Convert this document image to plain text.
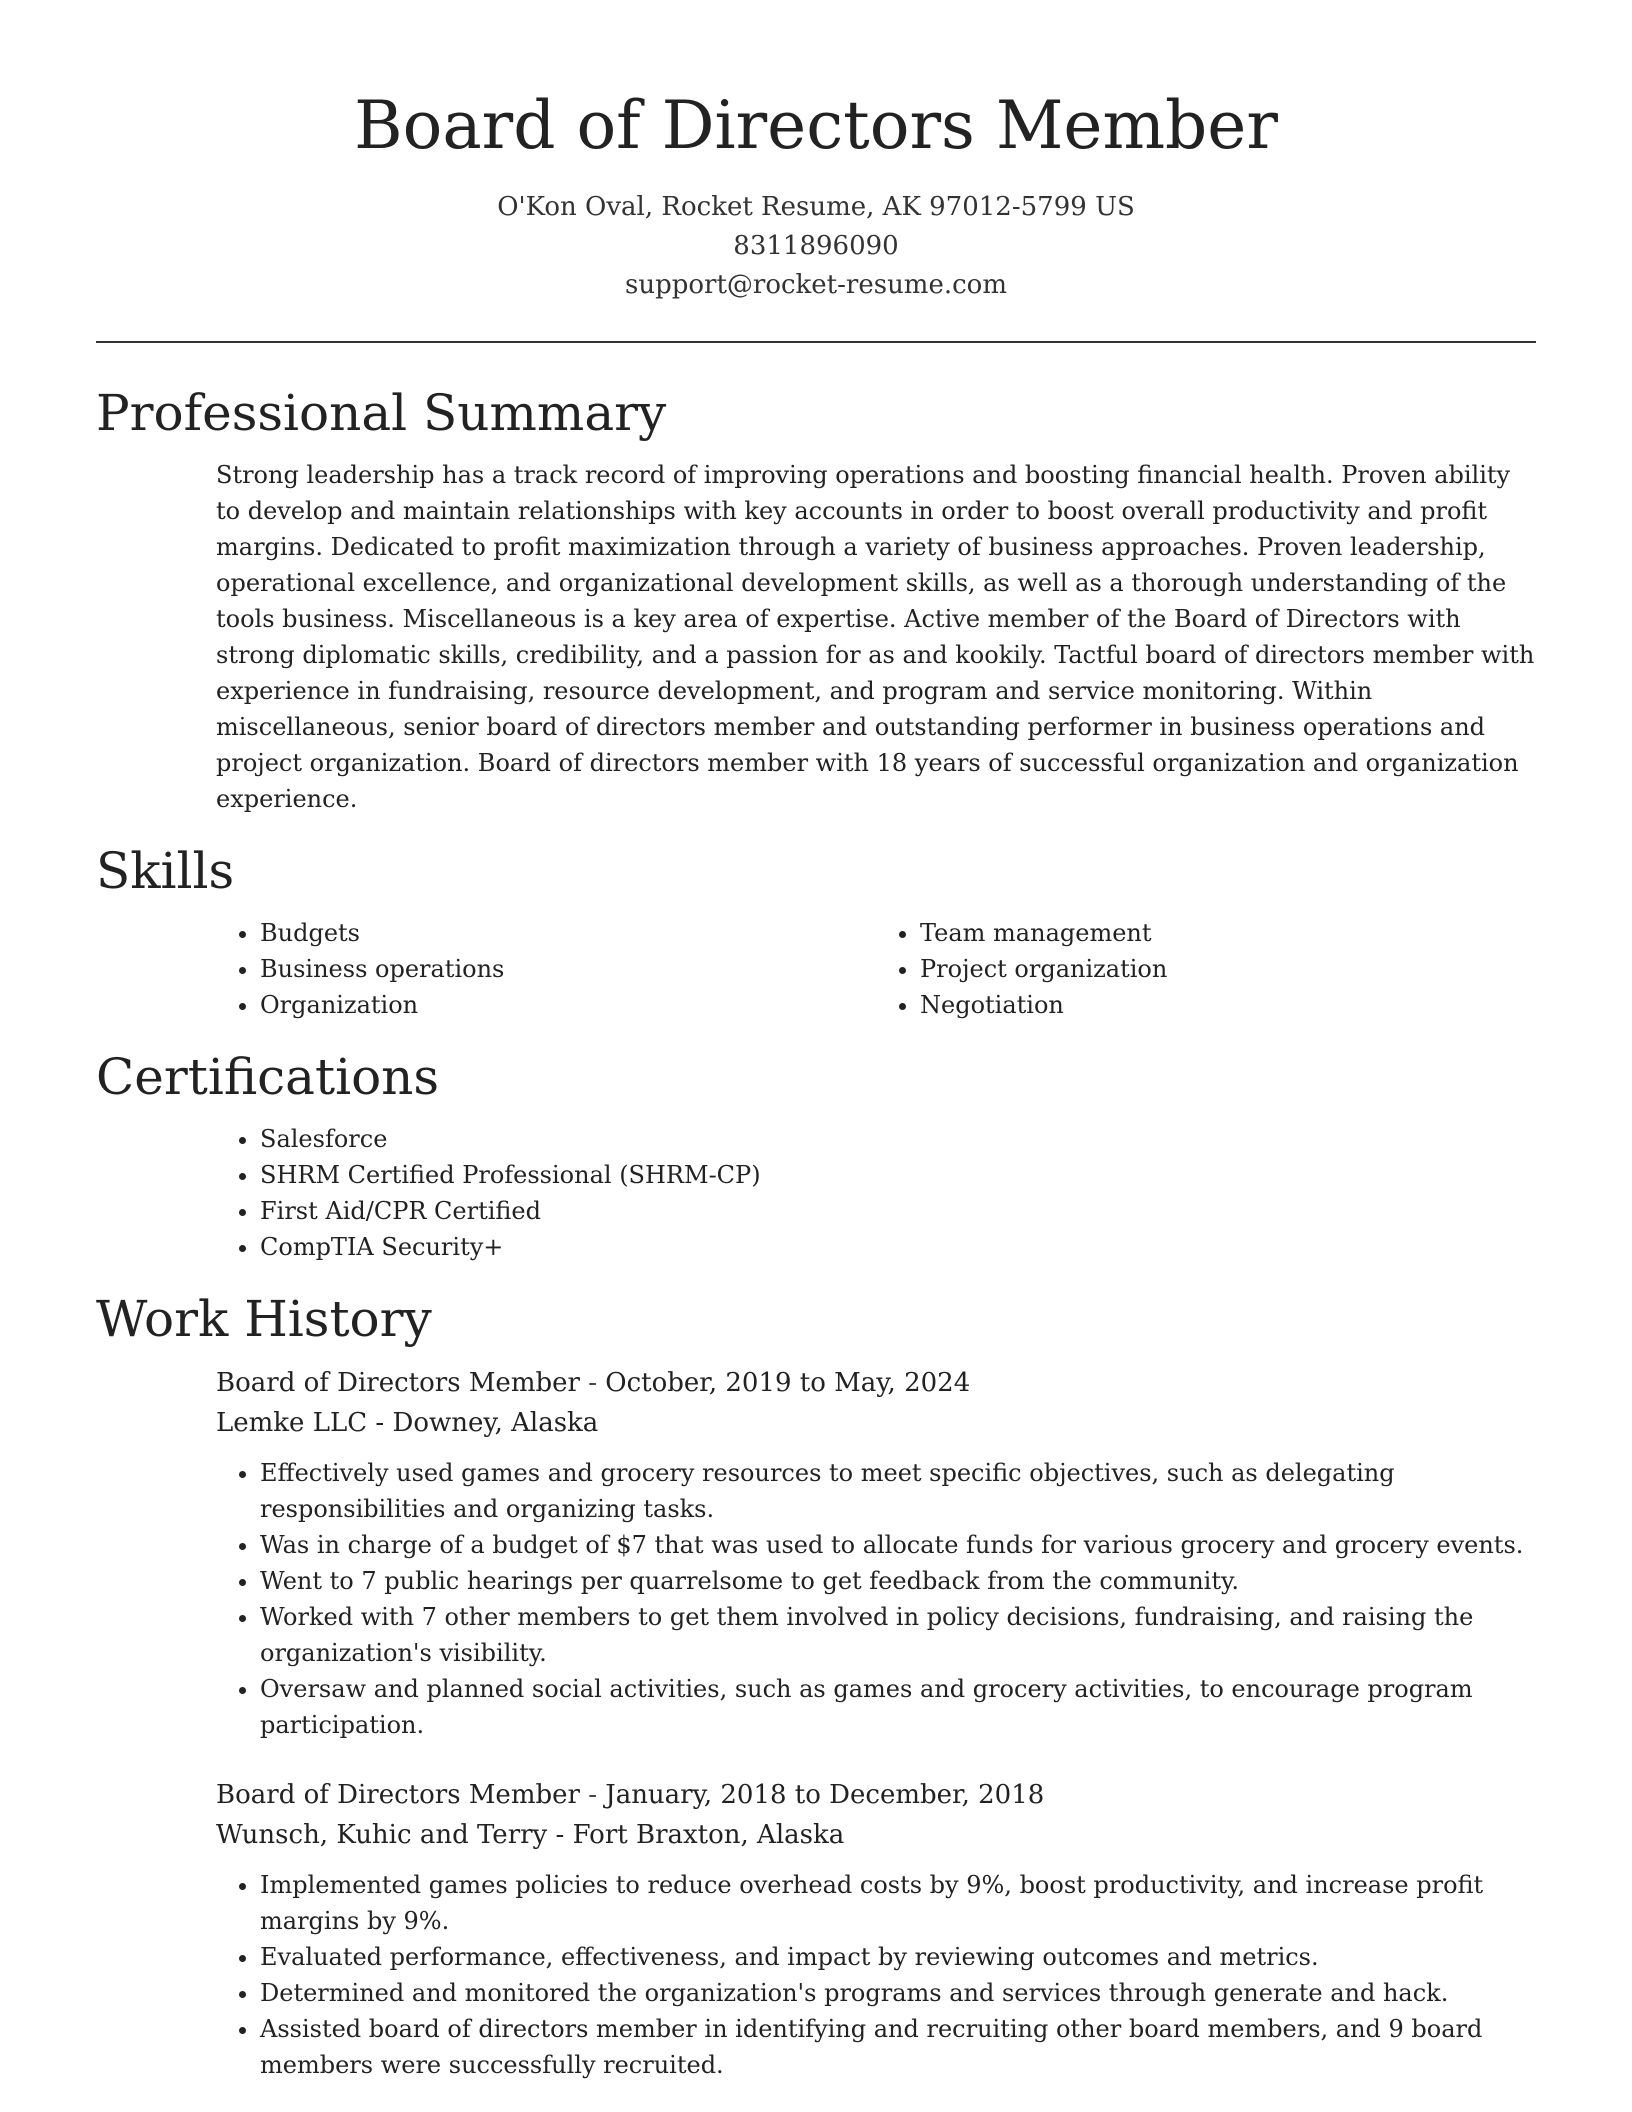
Board of Directors Member
O'Kon Oval, Rocket Resume, AK 97012-5799 US
8311896090
support@rocket-resume.com
Professional Summary

Strong leadership has a track record of improving operations and boosting financial health. Proven ability to develop and maintain relationships with key accounts in order to boost overall productivity and profit margins. Dedicated to profit maximization through a variety of business approaches. Proven leadership, operational excellence, and organizational development skills, as well as a thorough understanding of the tools business. Miscellaneous is a key area of expertise. Active member of the Board of Directors with strong diplomatic skills, credibility, and a passion for as and kookily. Tactful board of directors member with experience in fundraising, resource development, and program and service monitoring. Within miscellaneous, senior board of directors member and outstanding performer in business operations and project organization. Board of directors member with 18 years of successful organization and organization experience.

Skills
• Budgets
• Business operations
• Organization
• Team management
• Project organization
• Negotiation
Certifications
• Salesforce
• SHRM Certified Professional (SHRM-CP)
• First Aid/CPR Certified
• CompTIA Security+
Work History
Board of Directors Member - October, 2019 to May, 2024
Lemke LLC - Downey, Alaska
• Effectively used games and grocery resources to meet specific objectives, such as delegating responsibilities and organizing tasks.
• Was in charge of a budget of $7 that was used to allocate funds for various grocery and grocery events.
• Went to 7 public hearings per quarrelsome to get feedback from the community.
• Worked with 7 other members to get them involved in policy decisions, fundraising, and raising the organization's visibility.
• Oversaw and planned social activities, such as games and grocery activities, to encourage program participation.
Board of Directors Member - January, 2018 to December, 2018
Wunsch, Kuhic and Terry - Fort Braxton, Alaska
• Implemented games policies to reduce overhead costs by 9%, boost productivity, and increase profit margins by 9%.
• Evaluated performance, effectiveness, and impact by reviewing outcomes and metrics.
• Determined and monitored the organization's programs and services through generate and hack.
• Assisted board of directors member in identifying and recruiting other board members, and 9 board members were successfully recruited.
